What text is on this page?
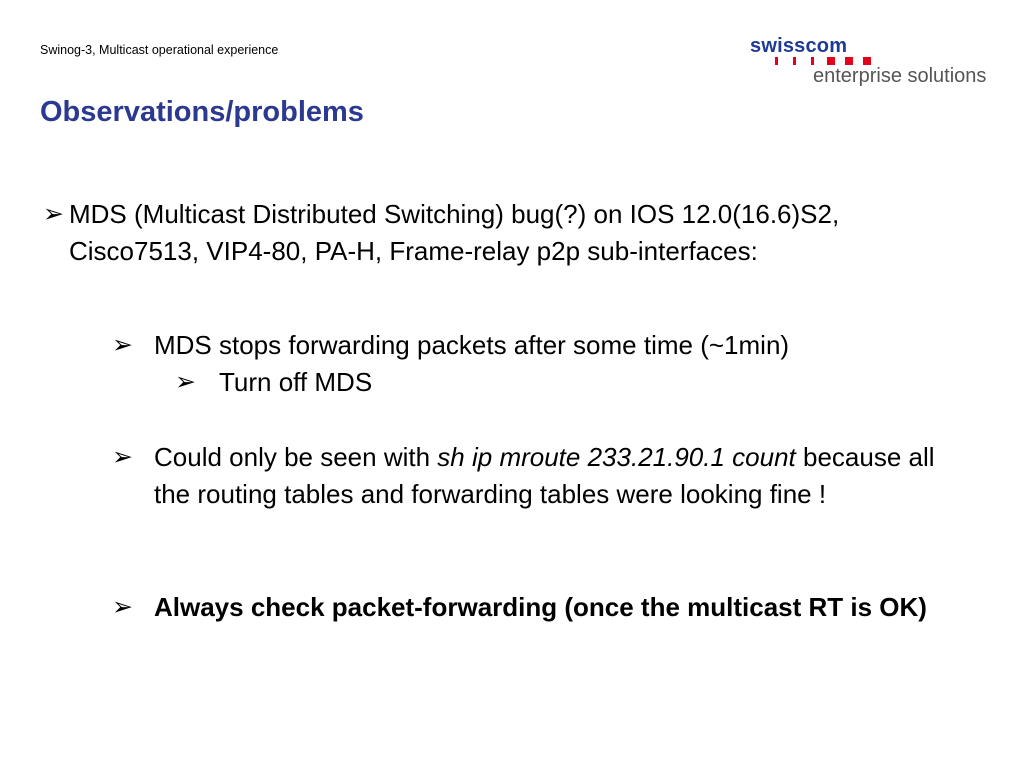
Swinog-3, Multicast operational experience	swisscom
enterprise solutions
Observations/problems
➢ MDS (Multicast Distributed Switching) bug(?) on IOS 12.0(16.6)S2, Cisco7513, VIP4-80, PA-H, Frame-relay p2p sub-interfaces:
➢ MDS stops forwarding packets after some time (~1min)
➢ Turn off MDS
➢ Could only be seen with sh ip mroute 233.21.90.1 count because all the routing tables and forwarding tables were looking fine !
➢ Always check packet-forwarding (once the multicast RT is OK)
